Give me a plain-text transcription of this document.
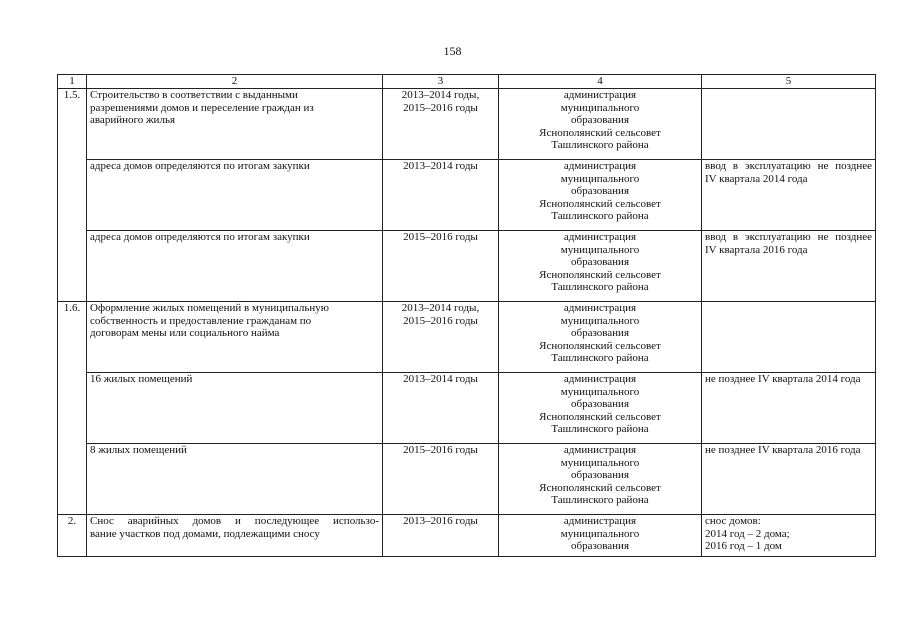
158
1	2	3	4	5
1.5.	Строительство в соответствии с выданными
разрешениями домов и переселение граждан из
аварийного жилья	2013–2014 годы,
2015–2016 годы	администрация
муниципального
образования
Яснополянский сельсовет
Ташлинского района	

	адреса домов определяются по итогам закупки	2013–2014 годы	администрация
муниципального
образования
Яснополянский сельсовет
Ташлинского района	ввод в эксплуатацию не позднее
IV квартала 2014 года

	адреса домов определяются по итогам закупки	2015–2016 годы	администрация
муниципального
образования
Яснополянский сельсовет
Ташлинского района	ввод в эксплуатацию не позднее
IV квартала 2016 года

1.6.	Оформление жилых помещений в муниципальную
собственность и предоставление гражданам по
договорам мены или социального найма	2013–2014 годы,
2015–2016 годы	администрация
муниципального
образования
Яснополянский сельсовет
Ташлинского района	

	16 жилых помещений	2013–2014 годы	администрация
муниципального
образования
Яснополянский сельсовет
Ташлинского района	не позднее IV квартала 2014 года

	8 жилых помещений	2015–2016 годы	администрация
муниципального
образования
Яснополянский сельсовет
Ташлинского района	не позднее IV квартала 2016 года

2.	Снос аварийных домов и последующее использо-
вание участков под домами, подлежащими сносу	2013–2016 годы	администрация
муниципального
образования	снос домов:
2014 год – 2 дома;
2016 год – 1 дом
